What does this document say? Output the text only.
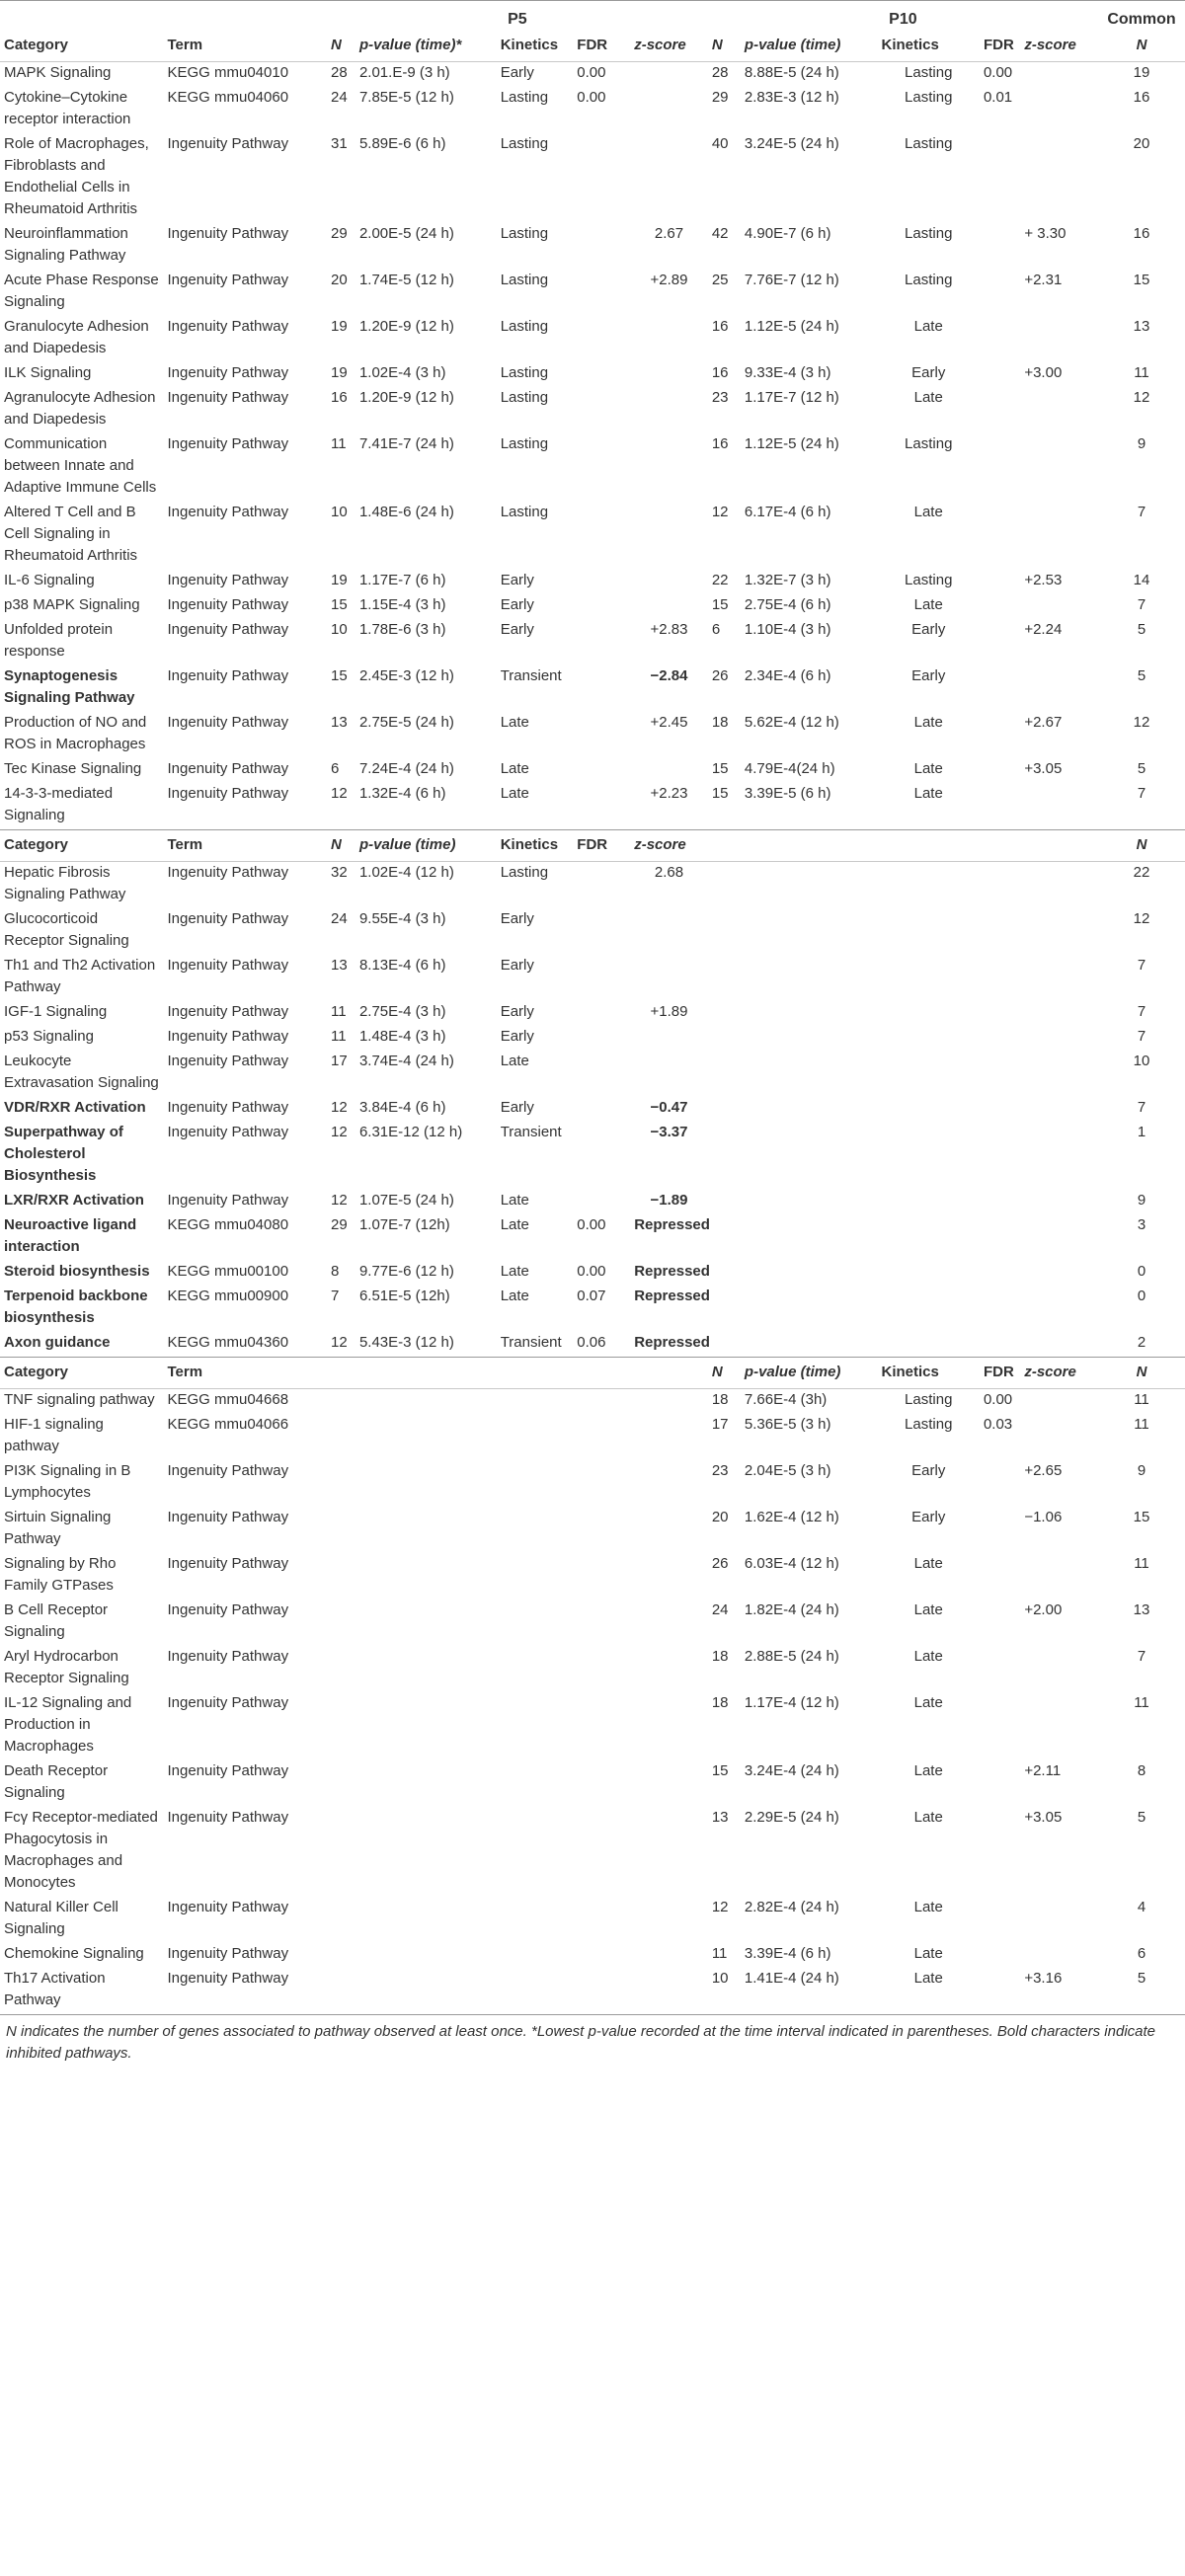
		P5					P10					Common
Category	Term	N	p-value (time)*	Kinetics	FDR	z-score	N	p-value (time)	Kinetics	FDR	z-score	N
MAPK Signaling	KEGG mmu04010	28	2.01.E-9 (3 h)	Early	0.00		28	8.88E-5 (24 h)	Lasting	0.00		19
Cytokine–Cytokine receptor interaction	KEGG mmu04060	24	7.85E-5 (12 h)	Lasting	0.00		29	2.83E-3 (12 h)	Lasting	0.01		16
Role of Macrophages, Fibroblasts and Endothelial Cells in Rheumatoid Arthritis	Ingenuity Pathway	31	5.89E-6 (6 h)	Lasting			40	3.24E-5 (24 h)	Lasting			20
Neuroinflammation Signaling Pathway	Ingenuity Pathway	29	2.00E-5 (24 h)	Lasting		2.67	42	4.90E-7 (6 h)	Lasting		+ 3.30	16
Acute Phase Response Signaling	Ingenuity Pathway	20	1.74E-5 (12 h)	Lasting		+2.89	25	7.76E-7 (12 h)	Lasting		+2.31	15
Granulocyte Adhesion and Diapedesis	Ingenuity Pathway	19	1.20E-9 (12 h)	Lasting			16	1.12E-5 (24 h)	Late			13
ILK Signaling	Ingenuity Pathway	19	1.02E-4 (3 h)	Lasting			16	9.33E-4 (3 h)	Early		+3.00	11
Agranulocyte Adhesion and Diapedesis	Ingenuity Pathway	16	1.20E-9 (12 h)	Lasting			23	1.17E-7 (12 h)	Late			12
Communication between Innate and Adaptive Immune Cells	Ingenuity Pathway	11	7.41E-7 (24 h)	Lasting			16	1.12E-5 (24 h)	Lasting			9
Altered T Cell and B Cell Signaling in Rheumatoid Arthritis	Ingenuity Pathway	10	1.48E-6 (24 h)	Lasting			12	6.17E-4 (6 h)	Late			7
IL-6 Signaling	Ingenuity Pathway	19	1.17E-7 (6 h)	Early			22	1.32E-7 (3 h)	Lasting		+2.53	14
p38 MAPK Signaling	Ingenuity Pathway	15	1.15E-4 (3 h)	Early			15	2.75E-4 (6 h)	Late			7
Unfolded protein response	Ingenuity Pathway	10	1.78E-6 (3 h)	Early		+2.83	6	1.10E-4 (3 h)	Early		+2.24	5
Synaptogenesis Signaling Pathway	Ingenuity Pathway	15	2.45E-3 (12 h)	Transient		−2.84	26	2.34E-4 (6 h)	Early			5
Production of NO and ROS in Macrophages	Ingenuity Pathway	13	2.75E-5 (24 h)	Late		+2.45	18	5.62E-4 (12 h)	Late		+2.67	12
Tec Kinase Signaling	Ingenuity Pathway	6	7.24E-4 (24 h)	Late			15	4.79E-4(24 h)	Late		+3.05	5
14-3-3-mediated Signaling	Ingenuity Pathway	12	1.32E-4 (6 h)	Late		+2.23	15	3.39E-5 (6 h)	Late			7
Category	Term	N	p-value (time)	Kinetics	FDR	z-score						N
Hepatic Fibrosis Signaling Pathway	Ingenuity Pathway	32	1.02E-4 (12 h)	Lasting		2.68						22
Glucocorticoid Receptor Signaling	Ingenuity Pathway	24	9.55E-4 (3 h)	Early								12
Th1 and Th2 Activation Pathway	Ingenuity Pathway	13	8.13E-4 (6 h)	Early								7
IGF-1 Signaling	Ingenuity Pathway	11	2.75E-4 (3 h)	Early		+1.89						7
p53 Signaling	Ingenuity Pathway	11	1.48E-4 (3 h)	Early								7
Leukocyte Extravasation Signaling	Ingenuity Pathway	17	3.74E-4 (24 h)	Late								10
VDR/RXR Activation	Ingenuity Pathway	12	3.84E-4 (6 h)	Early		−0.47						7
Superpathway of Cholesterol Biosynthesis	Ingenuity Pathway	12	6.31E-12 (12 h)	Transient		−3.37						1
LXR/RXR Activation	Ingenuity Pathway	12	1.07E-5 (24 h)	Late		−1.89						9
Neuroactive ligand interaction	KEGG mmu04080	29	1.07E-7 (12h)	Late	0.00	Repressed						3
Steroid biosynthesis	KEGG mmu00100	8	9.77E-6 (12 h)	Late	0.00	Repressed						0
Terpenoid backbone biosynthesis	KEGG mmu00900	7	6.51E-5 (12h)	Late	0.07	Repressed						0
Axon guidance	KEGG mmu04360	12	5.43E-3 (12 h)	Transient	0.06	Repressed						2
Category	Term						N	p-value (time)	Kinetics	FDR	z-score	N
TNF signaling pathway	KEGG mmu04668						18	7.66E-4 (3h)	Lasting	0.00		11
HIF-1 signaling pathway	KEGG mmu04066						17	5.36E-5 (3 h)	Lasting	0.03		11
PI3K Signaling in B Lymphocytes	Ingenuity Pathway						23	2.04E-5 (3 h)	Early		+2.65	9
Sirtuin Signaling Pathway	Ingenuity Pathway						20	1.62E-4 (12 h)	Early		−1.06	15
Signaling by Rho Family GTPases	Ingenuity Pathway						26	6.03E-4 (12 h)	Late			11
B Cell Receptor Signaling	Ingenuity Pathway						24	1.82E-4 (24 h)	Late		+2.00	13
Aryl Hydrocarbon Receptor Signaling	Ingenuity Pathway						18	2.88E-5 (24 h)	Late			7
IL-12 Signaling and Production in Macrophages	Ingenuity Pathway						18	1.17E-4 (12 h)	Late			11
Death Receptor Signaling	Ingenuity Pathway						15	3.24E-4 (24 h)	Late		+2.11	8
Fcγ Receptor-mediated Phagocytosis in Macrophages and Monocytes	Ingenuity Pathway						13	2.29E-5 (24 h)	Late		+3.05	5
Natural Killer Cell Signaling	Ingenuity Pathway						12	2.82E-4 (24 h)	Late			4
Chemokine Signaling	Ingenuity Pathway						11	3.39E-4 (6 h)	Late			6
Th17 Activation Pathway	Ingenuity Pathway						10	1.41E-4 (24 h)	Late		+3.16	5
N indicates the number of genes associated to pathway observed at least once. *Lowest p-value recorded at the time interval indicated in parentheses. Bold characters indicate inhibited pathways.
